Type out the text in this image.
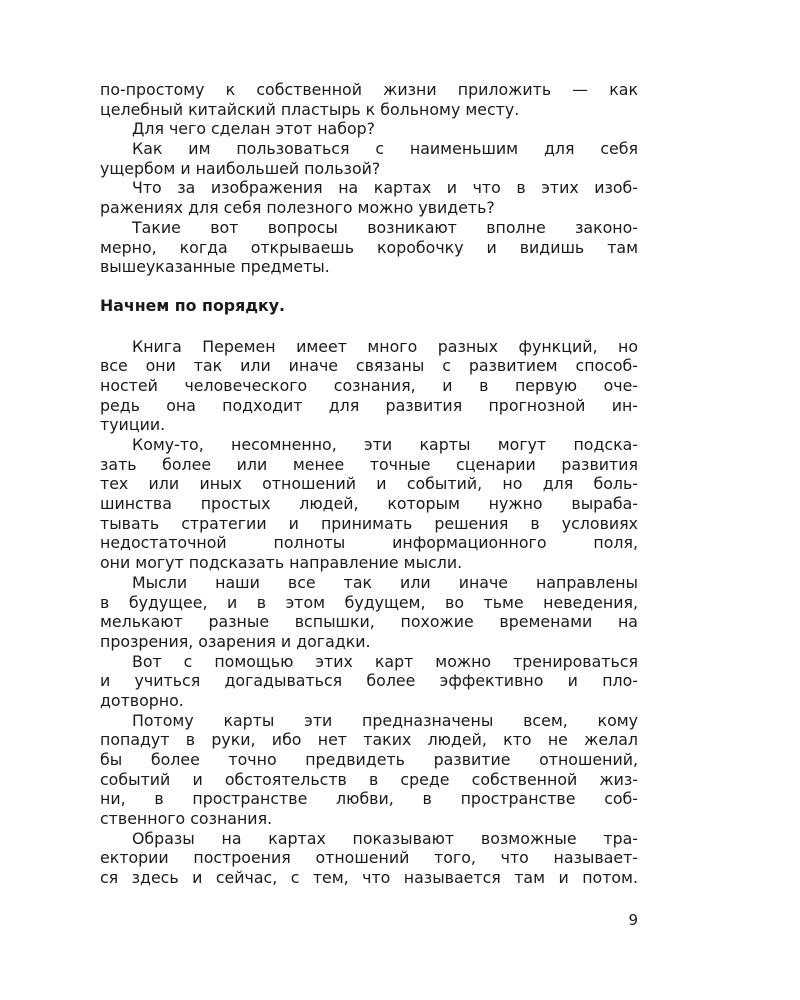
по-простому к собственной жизни приложить — как
целебный китайский пластырь к больному месту.
Для чего сделан этот набор?
Как им пользоваться с наименьшим для себя
ущербом и наибольшей пользой?
Что за изображения на картах и что в этих изоб-
ражениях для себя полезного можно увидеть?
Такие вот вопросы возникают вполне законо-
мерно, когда открываешь коробочку и видишь там
вышеуказанные предметы.
Начнем по порядку.
Книга Перемен имеет много разных функций, но
все они так или иначе связаны с развитием способ-
ностей человеческого сознания, и в первую оче-
редь она подходит для развития прогнозной ин-
туиции.
Кому-то, несомненно, эти карты могут подска-
зать более или менее точные сценарии развития
тех или иных отношений и событий, но для боль-
шинства простых людей, которым нужно выраба-
тывать стратегии и принимать решения в условиях
недостаточной полноты информационного поля,
они могут подсказать направление мысли.
Мысли наши все так или иначе направлены
в будущее, и в этом будущем, во тьме неведения,
мелькают разные вспышки, похожие временами на
прозрения, озарения и догадки.
Вот с помощью этих карт можно тренироваться
и учиться догадываться более эффективно и пло-
дотворно.
Потому карты эти предназначены всем, кому
попадут в руки, ибо нет таких людей, кто не желал
бы более точно предвидеть развитие отношений,
событий и обстоятельств в среде собственной жиз-
ни, в пространстве любви, в пространстве соб-
ственного сознания.
Образы на картах показывают возможные тра-
ектории построения отношений того, что называет-
ся здесь и сейчас, с тем, что называется там и потом.
9
